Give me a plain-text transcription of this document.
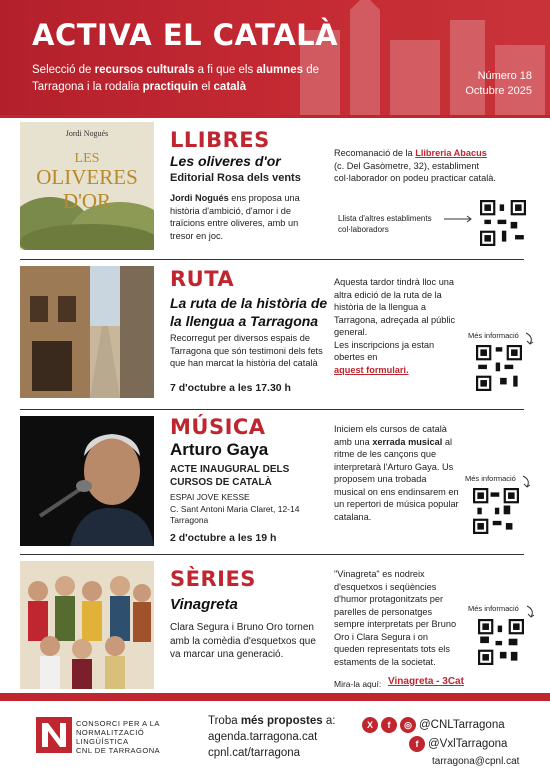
ACTIVA EL CATALÀ
Selecció de recursos culturals a fi que els alumnes de Tarragona i la rodalia practiquin el català
Número 18
Octubre 2025
Jordi Nogués
LES
OLIVERES
D'OR
LLIBRES
Les oliveres d'or
Editorial Rosa dels vents
Jordi Nogués ens proposa una història d'ambició, d'amor i de traïcions entre oliveres, amb un tresor en joc.
Recomanació de la Llibreria Abacus (c. Del Gasòmetre, 32), establiment col·laborador on podeu practicar català.
Llista d'altres establiments col·laboradors
RUTA
La ruta de la història de la llengua a Tarragona
Recorregut per diversos espais de Tarragona que són testimoni dels fets que han marcat la història del català
7 d'octubre a les 17.30 h
Aquesta tardor tindrà lloc una altra edició de la ruta de la història de la llengua a Tarragona, adreçada al públic general.
Les inscripcions ja estan obertes en
aquest formulari.
Més informació
MÚSICA
Arturo Gaya
ACTE INAUGURAL DELS CURSOS DE CATALÀ
ESPAI JOVE KESSE
C. Sant Antoni Maria Claret, 12-14
Tarragona
2 d'octubre a les 19 h
Iniciem els cursos de català amb una xerrada musical al ritme de les cançons que interpretarà l'Arturo Gaya. Us proposem una trobada musical on ens endinsarem en un repertori de música popular catalana.
Més informació
SÈRIES
Vinagreta
Clara Segura i Bruno Oro tornen amb la comèdia d'esquetxos que va marcar una generació.
"Vinagreta" es nodreix d'esquetxos i seqüències d'humor protagonitzats per parelles de personatges sempre interpretats per Bruno Oro i Clara Segura i on queden representats tots els estaments de la societat.
Més informació
Mira-la aquí: Vinagreta - 3Cat
CONSORCI PER A LA
NORMALITZACIÓ
LINGÜÍSTICA
CNL DE TARRAGONA
Troba més propostes a:
agenda.tarragona.cat
cpnl.cat/tarragona
X f ◎ @CNLTarragona
f @VxlTarragona
tarragona@cpnl.cat
